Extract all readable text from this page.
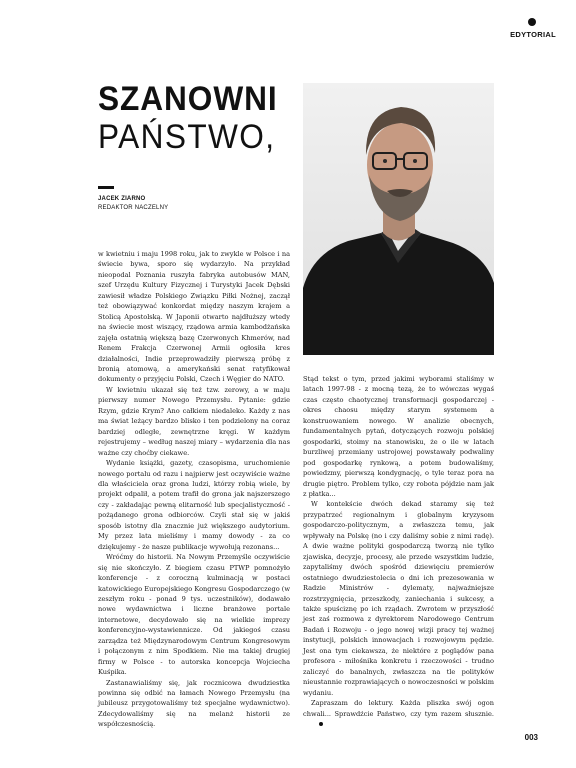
EDYTORIAL
SZANOWNI
PAŃSTWO,
JACEK ZIARNO
REDAKTOR NACZELNY

w kwietniu i maju 1998 roku, jak to zwykle w Polsce i na świecie bywa, sporo się wydarzyło. Na przykład nieopodal Poznania ruszyła fabryka autobusów MAN, szef Urzędu Kultury Fizycznej i Turystyki Jacek Dębski zawiesił władze Polskiego Związku Piłki Nożnej, zaczął też obowiązywać konkordat między naszym krajem a Stolicą Apostolską. W Japonii otwarto najdłuższy wtedy na świecie most wiszący, rządowa armia kambodżańska zajęła ostatnią większą bazę Czerwonych Khmerów, nad Renem Frakcja Czerwonej Armii ogłosiła kres działalności, Indie przeprowadziły pierwszą próbę z bronią atomową, a amerykański senat ratyfikował dokumenty o przyjęciu Polski, Czech i Węgier do NATO.

W kwietniu ukazał się też tzw. zerowy, a w maju pierwszy numer Nowego Przemysłu. Pytanie: gdzie Rzym, gdzie Krym? Ano całkiem niedaleko. Każdy z nas ma świat leżący bardzo blisko i ten podzielony na coraz bardziej odległe, zewnętrzne kręgi. W każdym rejestrujemy – według naszej miary – wydarzenia dla nas ważne czy choćby ciekawe.

Wydanie książki, gazety, czasopisma, uruchomienie nowego portalu od razu i najpierw jest oczywiście ważne dla właściciela oraz grona ludzi, którzy robią wiele, by projekt odpalił, a potem trafił do grona jak najszerszego czy - zakładając pewną elitarność lub specjalistyczność - pożądanego grona odbiorców. Czyli stał się w jakiś sposób istotny dla znacznie już większego audytorium. My przez lata mieliśmy i mamy dowody - za co dziękujemy - że nasze publikacje wywołują rezonans...

Wróćmy do historii. Na Nowym Przemyśle oczywiście się nie skończyło. Z biegiem czasu PTWP pomnożyło konferencje - z coroczną kulminacją w postaci katowickiego Europejskiego Kongresu Gospodarczego (w zeszłym roku - ponad 9 tys. uczestników), dodawało nowe wydawnictwa i liczne branżowe portale internetowe, decydowało się na wielkie imprezy konferencyjno-wystawiennicze. Od jakiegoś czasu zarządza też Międzynarodowym Centrum Kongresowym i połączonym z nim Spodkiem. Nie ma takiej drugiej firmy w Polsce - to autorska koncepcja Wojciecha Kuśpika.

Zastanawialiśmy się, jak rocznicowa dwudziestka powinna się odbić na łamach Nowego Przemysłu (na jubileusz przygotowaliśmy też specjalne wydawnictwo). Zdecydowaliśmy się na melanż historii ze współczesnością.

Stąd tekst o tym, przed jakimi wyborami staliśmy w latach 1997-98 - z mocną tezą, że to wówczas wygaś czas często chaotycznej transformacji gospodarczej - okres chaosu między starym systemem a konstruowaniem nowego. W analizie obecnych, fundamentalnych pytań, dotyczących rozwoju polskiej gospodarki, stoimy na stanowisku, że o ile w latach burzliwej przemiany ustrojowej powstawały podwaliny pod gospodarkę rynkową, a potem budowaliśmy, powiedzmy, pierwszą kondygnację, o tyle teraz pora na drugie piętro. Problem tylko, czy robota pójdzie nam jak z płatka...

W kontekście dwóch dekad staramy się też przypatrzeć regionalnym i globalnym kryzysom gospodarczo-politycznym, a zwłaszcza temu, jak wpływały na Polskę (no i czy daliśmy sobie z nimi radę). A dwie ważne polityki gospodarczą tworzą nie tylko zjawiska, decyzje, procesy, ale przede wszystkim ludzie, zapytaliśmy dwóch spośród dziewięciu premierów ostatniego dwudziestolecia o dni ich prezesowania w Radzie Ministrów - dylematy, najważniejsze rozstrzygnięcia, przeszkody, zaniechania i sukcesy, a także spuściznę po ich rządach. Zwrotem w przyszłość jest zaś rozmowa z dyrektorem Narodowego Centrum Badań i Rozwoju - o jego nowej wizji pracy tej ważnej instytucji, polskich innowacjach i rozwojowym pędzie. Jest ona tym ciekawsza, że niektóre z poglądów pana profesora - miłośnika konkretu i rzeczowości - trudno zaliczyć do banalnych, zwłaszcza na tle polityków nieustannie rozprawiających o nowoczesności w polskim wydaniu.

Zapraszam do lektury. Każda pliszka swój ogon chwali... Sprawdźcie Państwo, czy tym razem słusznie.

003
